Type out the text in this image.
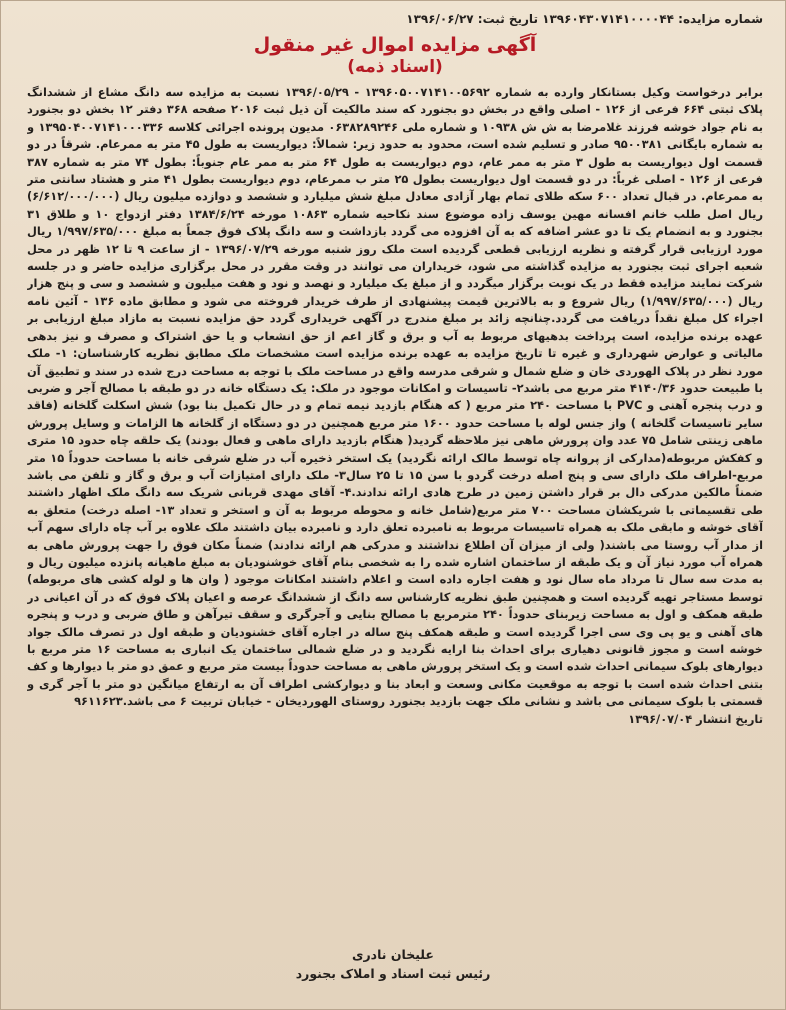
شماره مزایده: ۱۳۹۶۰۴۳۰۷۱۴۱۰۰۰۰۴۴ تاریخ ثبت: ۱۳۹۶/۰۶/۲۷
آگهی مزایده اموال غیر منقول
(اسناد ذمه)

برابر درخواست وکیل بستانکار وارده به شماره ۱۳۹۶۰۵۰۰۷۱۴۱۰۰۵۶۹۲ - ۱۳۹۶/۰۵/۲۹ نسبت به مزایده سه دانگ مشاع از ششدانگ پلاک ثبتی ۶۶۴ فرعی از ۱۲۶ - اصلی واقع در بخش دو بجنورد که سند مالکیت آن ذیل ثبت ۲۰۱۶ صفحه ۳۶۸ دفتر ۱۲ بخش دو بجنورد به نام جواد خوشه فرزند غلامرضا به ش ش ۱۰۹۳۸ و شماره ملی ۰۶۳۸۲۸۹۲۴۶ مدیون پرونده اجرائی کلاسه ۱۳۹۵۰۴۰۰۷۱۴۱۰۰۰۳۳۶ و به شماره بایگانی ۹۵۰۰۳۸۱ صادر و تسلیم شده است، محدود به حدود زیر: شمالاً: دیواریست به طول ۴۵ متر به ممرعام. شرقاً در دو قسمت اول دیواریست به طول ۳ متر به ممر عام، دوم دیواریست به طول ۶۴ متر به ممر عام جنوباً: بطول ۷۴ متر به شماره ۳۸۷ فرعی از ۱۲۶ - اصلی غرباً: در دو قسمت اول دیواریست بطول ۲۵ متر ب ممرعام، دوم دیواریست بطول ۴۱ متر و هشتاد سانتی متر به ممرعام. در قبال تعداد ۶۰۰ سکه طلای تمام بهار آزادی معادل مبلغ شش میلیارد و ششصد و دوازده میلیون ریال (۶/۶۱۲/۰۰۰/۰۰۰) ریال اصل طلب خانم افسانه مهین یوسف زاده موضوع سند نکاحیه شماره ۱۰۸۶۳ مورخه ۱۳۸۴/۶/۲۴ دفتر ازدواج ۱۰ و طلاق ۳۱ بجنورد و به انضمام یک تا دو عشر اضافه که به آن افزوده می گردد بازداشت و سه دانگ پلاک فوق جمعاً به مبلغ ۱/۹۹۷/۶۳۵/۰۰۰ ریال مورد ارزیابی قرار گرفته و نظریه ارزیابی قطعی گردیده است ملک روز شنبه مورخه ۱۳۹۶/۰۷/۲۹ - از ساعت ۹ تا ۱۲ ظهر در محل شعبه اجرای ثبت بجنورد به مزایده گذاشته می شود، خریداران می توانند در وقت مقرر در محل برگزاری مزایده حاضر و در جلسه شرکت نمایند مزایده فقط در یک نوبت برگزار میگردد و از مبلغ یک میلیارد و نهصد و نود و هفت میلیون و ششصد و سی و پنج هزار ریال (۱/۹۹۷/۶۳۵/۰۰۰) ریال شروع و به بالاترین قیمت پیشنهادی از طرف خریدار فروخته می شود و مطابق ماده ۱۳۶ - آئین نامه اجراء کل مبلغ نقداً دریافت می گردد.چنانچه زائد بر مبلغ مندرج در آگهی خریداری گردد حق مزایده نسبت به مازاد مبلغ ارزیابی بر عهده برنده مزایده، است پرداخت بدهیهای مربوط به آب و برق و گاز اعم از حق انشعاب و یا حق اشتراک و مصرف و نیز بدهی مالیاتی و عوارض شهرداری و غیره تا تاریخ مزایده به عهده برنده مزایده است مشخصات ملک مطابق نظریه کارشناسان: ۱- ملک مورد نظر در پلاک الهوردی خان و ضلع شمال و شرقی مدرسه واقع در مساحت ملک با توجه به مساحت درج شده در سند و تطبیق آن با طبیعت حدود ۴۱۴۰/۳۶ متر مربع می باشد۲- تاسیسات و امکانات موجود در ملک: یک دستگاه خانه در دو طبقه با مصالح آجر و ضربی و درب پنجره آهنی و PVC با مساحت ۲۴۰ متر مربع ( که هنگام بازدید نیمه تمام و در حال تکمیل بنا بود) شش اسکلت گلخانه (فاقد سایر تاسیسات گلخانه ) واز جنس لوله با مساحت حدود ۱۶۰۰ متر مربع همچنین در دو دستگاه از گلخانه ها الزامات و وسایل پرورش ماهی زینتی شامل ۷۵ عدد وان پرورش ماهی نیز ملاحظه گردید( هنگام بازدید دارای ماهی و فعال بودند) یک حلقه چاه حدود ۱۵ متری و کفکش مربوطه(مدارکی از پروانه چاه توسط مالک ارائه نگردید) یک استخر ذخیره آب در ضلع شرقی خانه با مساحت حدوداً ۱۵ متر مربع-اطراف ملک دارای سی و پنج اصله درخت گردو با سن ۱۵ تا ۲۵ سال۳- ملک دارای امتیازات آب و برق و گاز و تلفن می باشد ضمناً مالکین مدرکی دال بر قرار داشتن زمین در طرح هادی ارائه ندادند.۴- آقای مهدی قربانی شریک سه دانگ ملک اظهار داشتند طی تقسیماتی با شریکشان مساحت ۷۰۰ متر مربع(شامل خانه و محوطه مربوط به آن و استخر و تعداد ۱۳- اصله درخت) متعلق به آقای خوشه و مابقی ملک به همراه تاسیسات مربوط به نامبرده تعلق دارد و نامبرده بیان داشتند ملک علاوه بر آب چاه دارای سهم آب از مدار آب روستا می باشند( ولی از میزان آن اطلاع نداشتند و مدرکی هم ارائه ندادند) ضمناً مکان فوق را جهت پرورش ماهی به همراه آب مورد نیاز آن و یک طبقه از ساختمان اشاره شده را به شخصی بنام آقای خوشنودیان به مبلغ ماهیانه پانزده میلیون ریال و به مدت سه سال تا مرداد ماه سال نود و هفت اجاره داده است و اعلام داشتند امکانات موجود ( وان ها و لوله کشی های مربوطه) توسط مستاجر تهیه گردیده است و همچنین طبق نظریه کارشناس سه دانگ از ششدانگ عرصه و اعیان پلاک فوق که در آن اعیانی در طبقه همکف و اول به مساحت زیربنای حدوداً ۲۴۰ مترمربع با مصالح بنایی و آجرگری و سقف تیرآهن و طاق ضربی و درب و پنجره های آهنی و یو پی وی سی اجرا گردیده است و طبقه همکف پنج ساله در اجاره آقای خشنودیان و طبقه اول در تصرف مالک جواد خوشه است و مجوز قانونی دهیاری برای احداث بنا ارایه نگردید و در ضلع شمالی ساختمان یک انباری به مساحت ۱۶ متر مربع با دیوارهای بلوک سیمانی احداث شده است و یک استخر پرورش ماهی به مساحت حدوداً بیست متر مربع و عمق دو متر با دیوارها و کف بتنی احداث شده است با توجه به موقعیت مکانی وسعت و ابعاد بنا و دیوارکشی اطراف آن به ارتفاع میانگین دو متر با آجر گری و قسمتی با بلوک سیمانی می باشد و نشانی ملک جهت بازدید بجنورد روستای الهوردیخان - خیابان تربیت ۶ می باشد.۹۶۱۱۶۲۳

تاریخ انتشار ۱۳۹۶/۰۷/۰۴

علیخان نادری
رئیس ثبت اسناد و املاک بجنورد
